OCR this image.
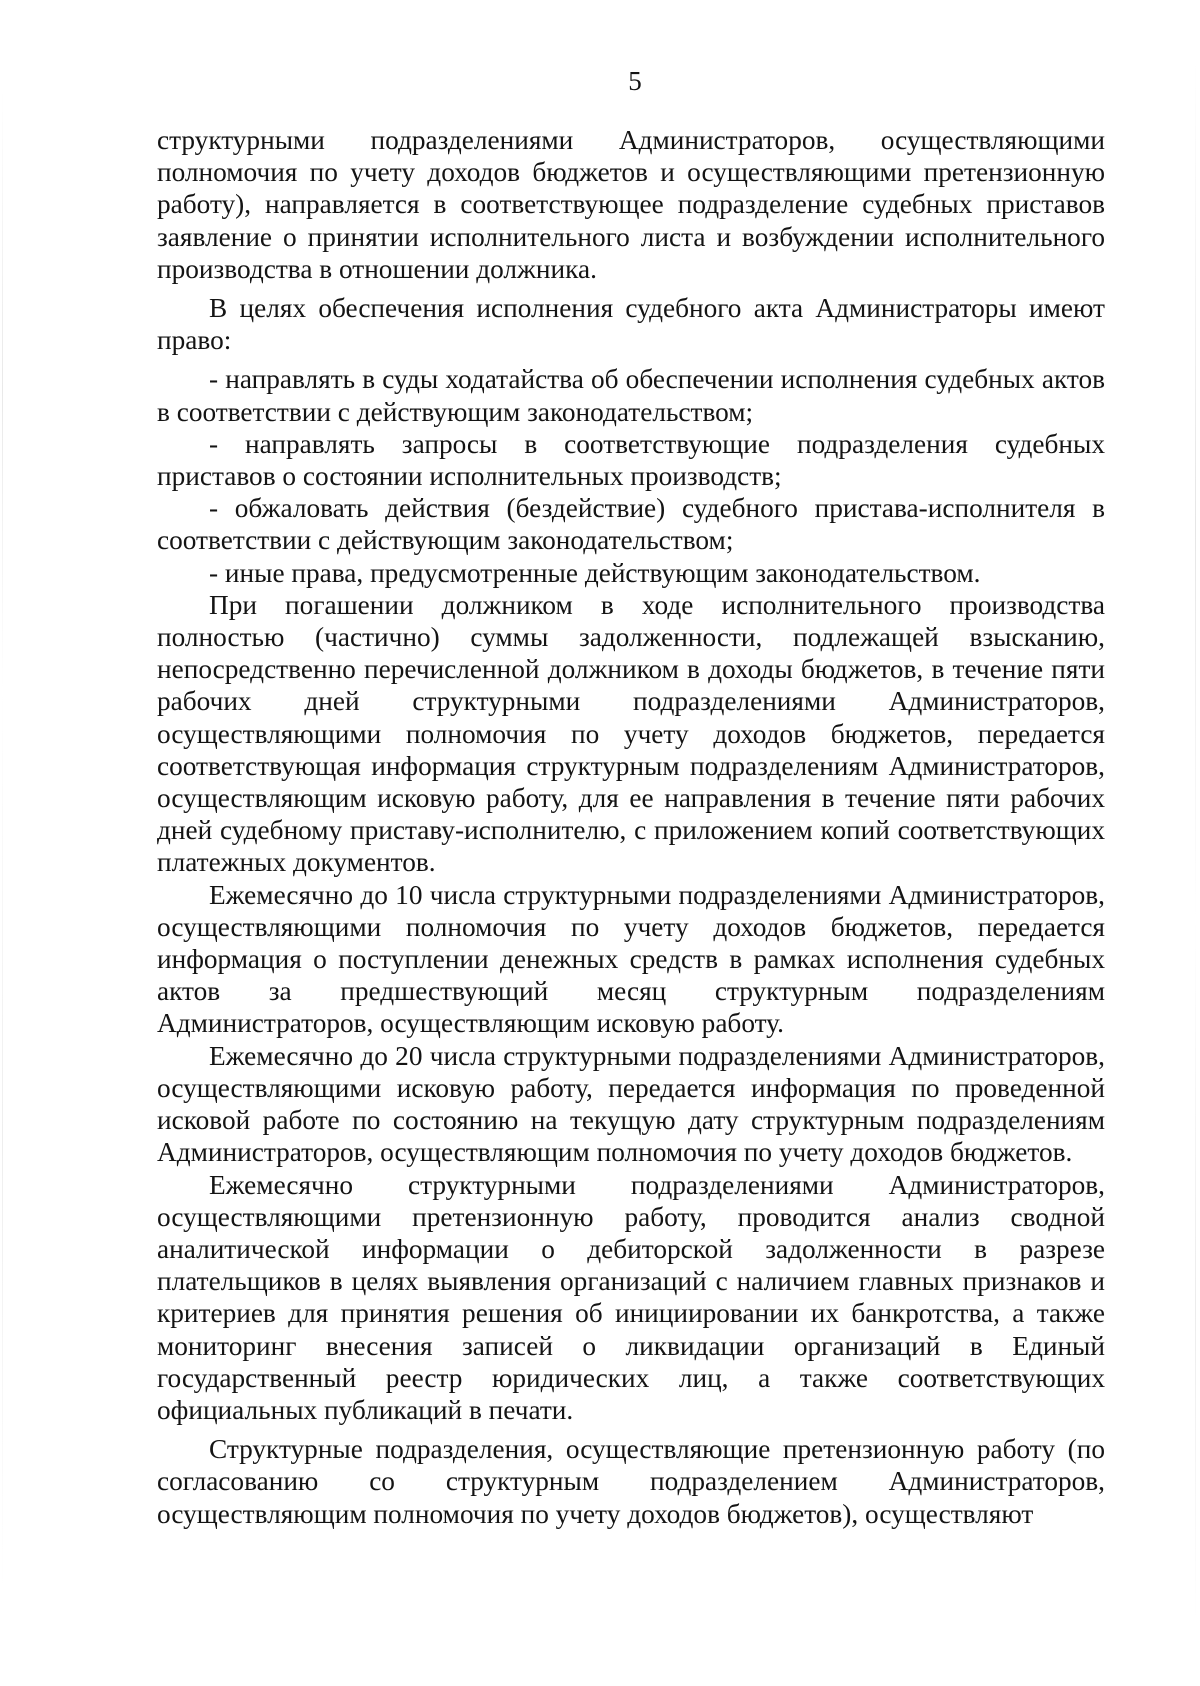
5

структурными подразделениями Администраторов, осуществляющими полномочия по учету доходов бюджетов и осуществляющими претензионную работу), направляется в соответствующее подразделение судебных приставов заявление о принятии исполнительного листа и возбуждении исполнительного производства в отношении должника.

В целях обеспечения исполнения судебного акта Администраторы имеют право:

- направлять в суды ходатайства об обеспечении исполнения судебных актов в соответствии с действующим законодательством;

- направлять запросы в соответствующие подразделения судебных приставов о состоянии исполнительных производств;

- обжаловать действия (бездействие) судебного пристава-исполнителя в соответствии с действующим законодательством;

- иные права, предусмотренные действующим законодательством.

При погашении должником в ходе исполнительного производства полностью (частично) суммы задолженности, подлежащей взысканию, непосредственно перечисленной должником в доходы бюджетов, в течение пяти рабочих дней структурными подразделениями Администраторов, осуществляющими полномочия по учету доходов бюджетов, передается соответствующая информация структурным подразделениям Администраторов, осуществляющим исковую работу, для ее направления в течение пяти рабочих дней судебному приставу-исполнителю, с приложением копий соответствующих платежных документов.

Ежемесячно до 10 числа структурными подразделениями Администраторов, осуществляющими полномочия по учету доходов бюджетов, передается информация о поступлении денежных средств в рамках исполнения судебных актов за предшествующий месяц структурным подразделениям Администраторов, осуществляющим исковую работу.

Ежемесячно до 20 числа структурными подразделениями Администраторов, осуществляющими исковую работу, передается информация по проведенной исковой работе по состоянию на текущую дату структурным подразделениям Администраторов, осуществляющим полномочия по учету доходов бюджетов.

Ежемесячно структурными подразделениями Администраторов, осуществляющими претензионную работу, проводится анализ сводной аналитической информации о дебиторской задолженности в разрезе плательщиков в целях выявления организаций с наличием главных признаков и критериев для принятия решения об инициировании их банкротства, а также мониторинг внесения записей о ликвидации организаций в Единый государственный реестр юридических лиц, а также соответствующих официальных публикаций в печати.

Структурные подразделения, осуществляющие претензионную работу (по согласованию со структурным подразделением Администраторов, осуществляющим полномочия по учету доходов бюджетов), осуществляют
